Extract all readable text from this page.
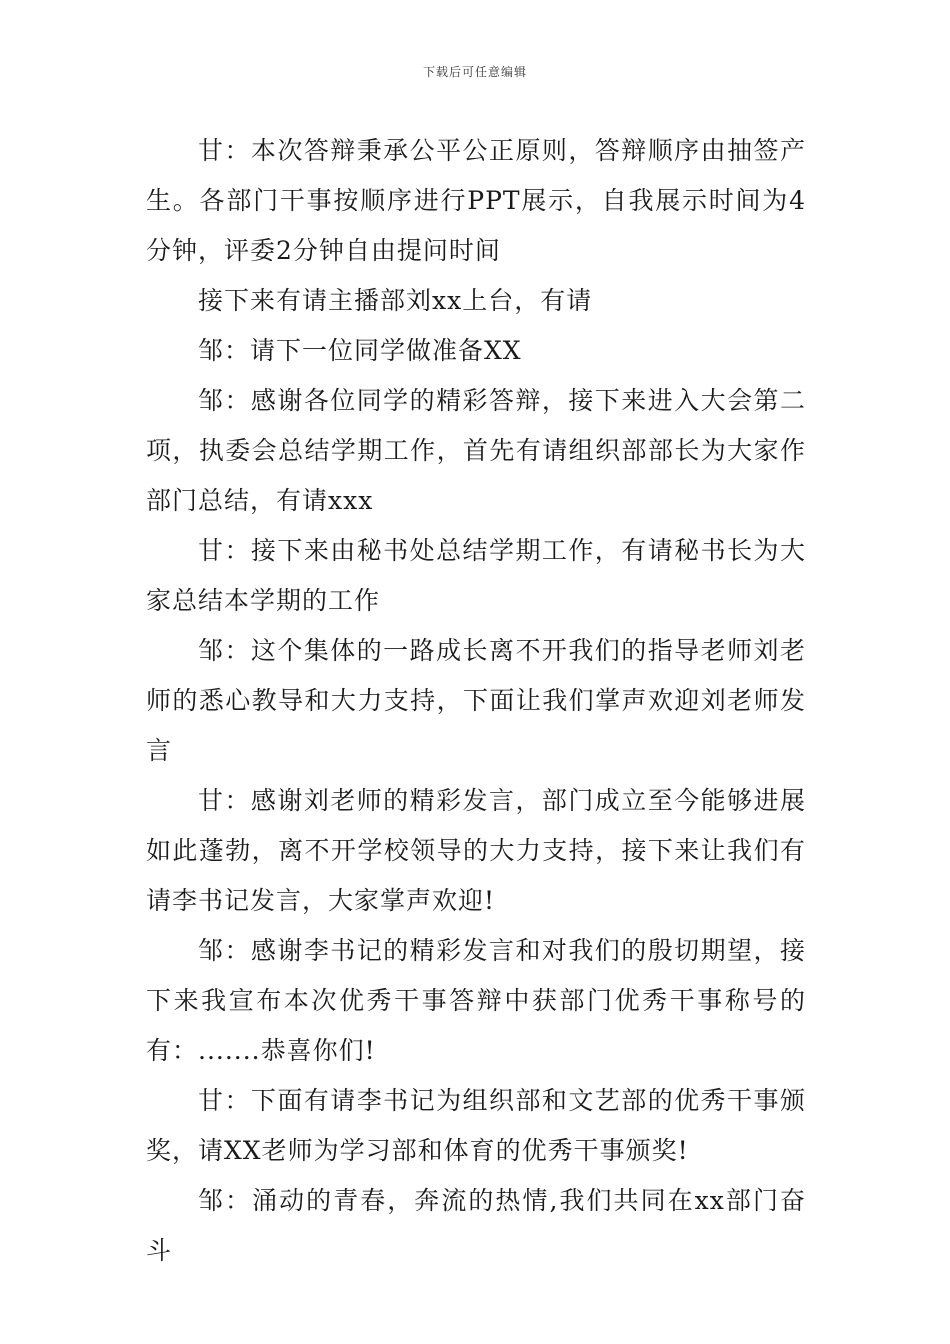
下载后可任意编辑

甘：本次答辩秉承公平公正原则，答辩顺序由抽签产生。各部门干事按顺序进行PPT展示，自我展示时间为4分钟，评委2分钟自由提问时间

接下来有请主播部刘xx上台，有请

邹：请下一位同学做准备XX

邹：感谢各位同学的精彩答辩，接下来进入大会第二项，执委会总结学期工作，首先有请组织部部长为大家作部门总结，有请xxx

甘：接下来由秘书处总结学期工作，有请秘书长为大家总结本学期的工作

邹：这个集体的一路成长离不开我们的指导老师刘老师的悉心教导和大力支持，下面让我们掌声欢迎刘老师发言

甘：感谢刘老师的精彩发言，部门成立至今能够进展如此蓬勃，离不开学校领导的大力支持，接下来让我们有请李书记发言，大家掌声欢迎!

邹：感谢李书记的精彩发言和对我们的殷切期望，接下来我宣布本次优秀干事答辩中获部门优秀干事称号的有：.......恭喜你们!

甘：下面有请李书记为组织部和文艺部的优秀干事颁奖，请XX老师为学习部和体育的优秀干事颁奖!

邹：涌动的青春，奔流的热情,我们共同在xx部门奋斗
